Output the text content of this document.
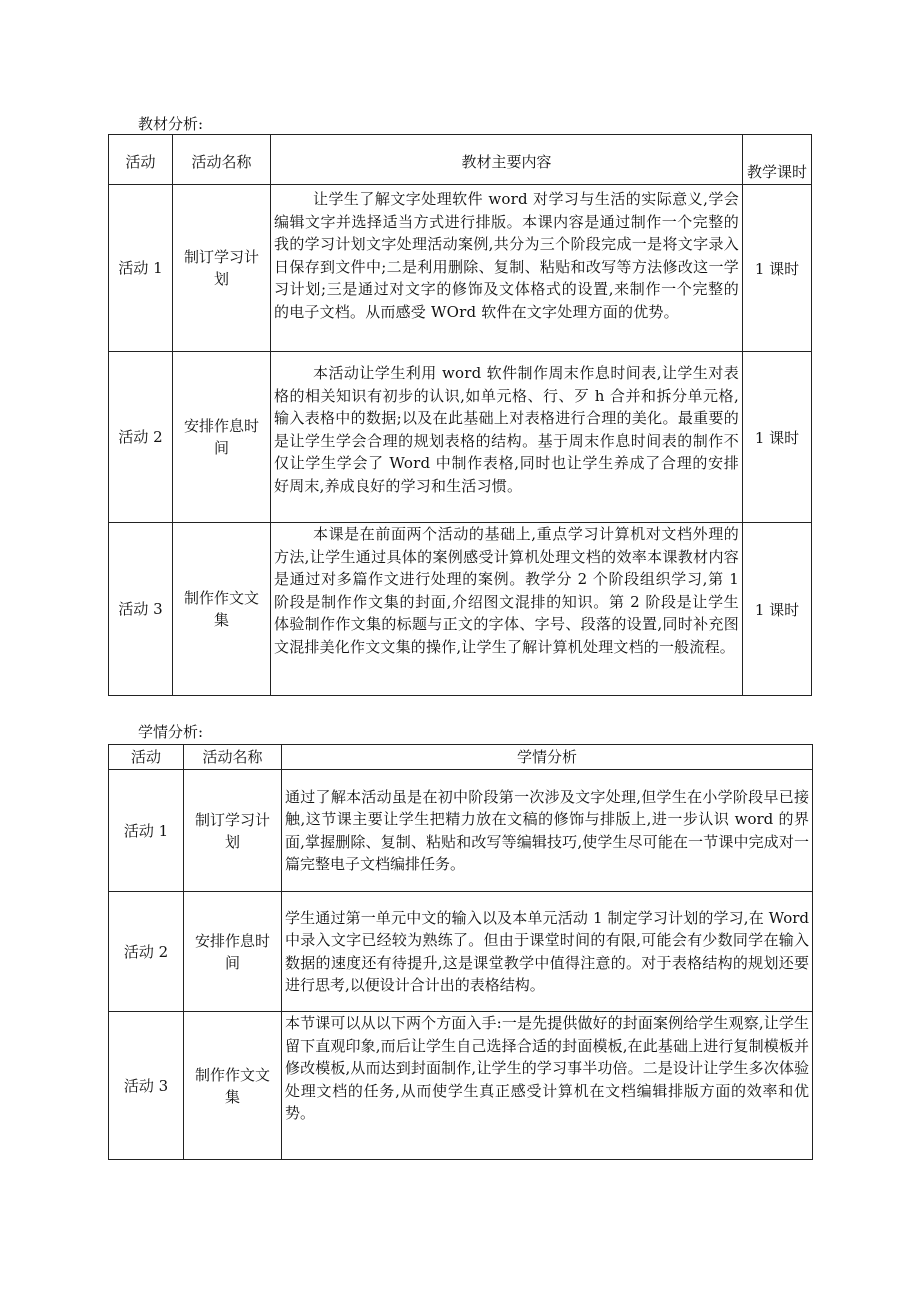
教材分析:
活动	活动名称	教材主要内容	教学课时
活动 1	制订学习计划	让学生了解文字处理软件 word 对学习与生活的实际意义,学会编辑文字并选择适当方式进行排版。本课内容是通过制作一个完整的我的学习计划文字处理活动案例,共分为三个阶段完成一是将文字录入日保存到文件中;二是利用删除、复制、粘贴和改写等方法修改这一学习计划;三是通过对文字的修饰及文体格式的设置,来制作一个完整的的电子文档。从而感受 WOrd 软件在文字处理方面的优势。	1 课时
活动 2	安排作息时间	本活动让学生利用 word 软件制作周末作息时间表,让学生对表格的相关知识有初步的认识,如单元格、行、歹 h 合并和拆分单元格,输入表格中的数据;以及在此基础上对表格进行合理的美化。最重要的是让学生学会合理的规划表格的结构。基于周末作息时间表的制作不仅让学生学会了 Word 中制作表格,同时也让学生养成了合理的安排好周末,养成良好的学习和生活习惯。	1 课时
活动 3	制作作文文集	本课是在前面两个活动的基础上,重点学习计算机对文档外理的方法,让学生通过具体的案例感受计算机处理文档的效率本课教材内容是通过对多篇作文进行处理的案例。教学分 2 个阶段组织学习,第 1 阶段是制作作文集的封面,介绍图文混排的知识。第 2 阶段是让学生体验制作作文集的标题与正文的字体、字号、段落的设置,同时补充图文混排美化作文文集的操作,让学生了解计算机处理文档的一般流程。	1 课时
学情分析:
活动	活动名称	学情分析
活动 1	制订学习计划	通过了解本活动虽是在初中阶段第一次涉及文字处理,但学生在小学阶段早已接触,这节课主要让学生把精力放在文稿的修饰与排版上,进一步认识 word 的界面,掌握删除、复制、粘贴和改写等编辑技巧,使学生尽可能在一节课中完成对一篇完整电子文档编排任务。
活动 2	安排作息时间	学生通过第一单元中文的输入以及本单元活动 1 制定学习计划的学习,在 Word 中录入文字已经较为熟练了。但由于课堂时间的有限,可能会有少数同学在输入数据的速度还有待提升,这是课堂教学中值得注意的。对于表格结构的规划还要进行思考,以便设计合计出的表格结构。
活动 3	制作作文文集	本节课可以从以下两个方面入手:一是先提供做好的封面案例给学生观察,让学生留下直观印象,而后让学生自己选择合适的封面模板,在此基础上进行复制模板并修改模板,从而达到封面制作,让学生的学习事半功倍。二是设计让学生多次体验处理文档的任务,从而使学生真正感受计算机在文档编辑排版方面的效率和优势。
